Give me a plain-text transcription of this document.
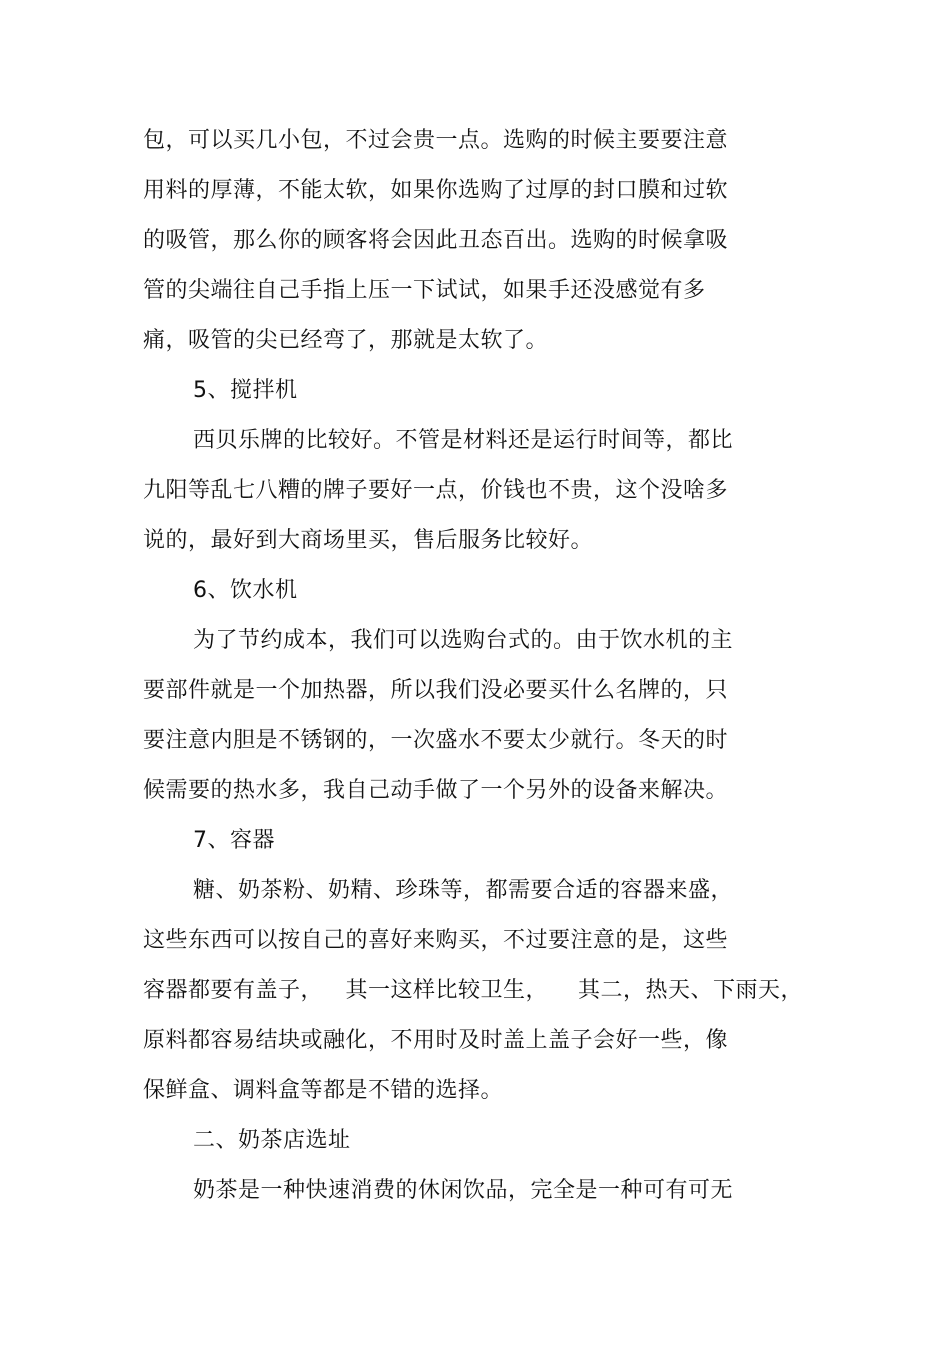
包，可以买几小包，不过会贵一点。选购的时候主要要注意
用料的厚薄，不能太软，如果你选购了过厚的封口膜和过软
的吸管，那么你的顾客将会因此丑态百出。选购的时候拿吸
管的尖端往自己手指上压一下试试，如果手还没感觉有多
痛，吸管的尖已经弯了，那就是太软了。
5、搅拌机
西贝乐牌的比较好。不管是材料还是运行时间等，都比
九阳等乱七八糟的牌子要好一点，价钱也不贵，这个没啥多
说的，最好到大商场里买，售后服务比较好。
6、饮水机
为了节约成本，我们可以选购台式的。由于饮水机的主
要部件就是一个加热器，所以我们没必要买什么名牌的，只
要注意内胆是不锈钢的，一次盛水不要太少就行。冬天的时
候需要的热水多，我自己动手做了一个另外的设备来解决。
7、容器
糖、奶茶粉、奶精、珍珠等，都需要合适的容器来盛，
这些东西可以按自己的喜好来购买，不过要注意的是，这些
容器都要有盖子，   其一这样比较卫生，    其二，热天、下雨天，
原料都容易结块或融化，不用时及时盖上盖子会好一些，像
保鲜盒、调料盒等都是不错的选择。
二、奶茶店选址
奶茶是一种快速消费的休闲饮品，完全是一种可有可无
